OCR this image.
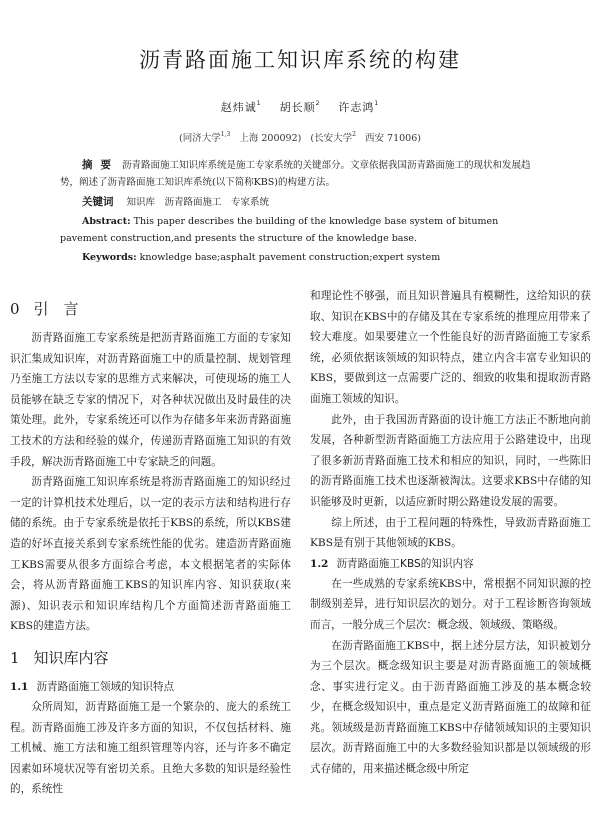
沥青路面施工知识库系统的构建
赵炜诚$^1$ 胡长顺$^2$ 许志鸿$^1$
(同济大学$^{1,3}$ 上海 200092) (长安大学$^2$ 西安 71006)
摘要 沥青路面施工知识库系统是施工专家系统的关键部分。文章依据我国沥青路面施工的现状和发展趋势，阐述了沥青路面施工知识库系统(以下简称KBS)的构建方法。
关键词 知识库　沥青路面施工　专家系统
Abstract: This paper describes the building of the knowledge base system of bitumen pavement construction,and presents the structure of the knowledge base.
Keywords: knowledge base;asphalt pavement construction;expert system
0 引　言

沥青路面施工专家系统是把沥青路面施工方面的专家知识汇集成知识库，对沥青路面施工中的质量控制、规划管理乃至施工方法以专家的思维方式来解决，可使现场的施工人员能够在缺乏专家的情况下，对各种状况做出及时最佳的决策处理。此外，专家系统还可以作为存储多年来沥青路面施工技术的方法和经验的媒介，传递沥青路面施工知识的有效手段，解决沥青路面施工中专家缺乏的问题。

沥青路面施工知识库系统是将沥青路面施工的知识经过一定的计算机技术处理后，以一定的表示方法和结构进行存储的系统。由于专家系统是依托于KBS的系统，所以KBS建造的好坏直接关系到专家系统性能的优劣。建造沥青路面施工KBS需要从很多方面综合考虑，本文根据笔者的实际体会，将从沥青路面施工KBS的知识库内容、知识获取(来源)、知识表示和知识库结构几个方面简述沥青路面施工KBS的建造方法。

1 知识库内容
1.1 沥青路面施工领域的知识特点

众所周知，沥青路面施工是一个繁杂的、庞大的系统工程。沥青路面施工涉及许多方面的知识，不仅包括材料、施工机械、施工方法和施工组织管理等内容，还与许多不确定因素如环境状况等有密切关系。且绝大多数的知识是经验性的，系统性

和理论性不够强，而且知识普遍具有模糊性，这给知识的获取、知识在KBS中的存储及其在专家系统的推理应用带来了较大难度。如果要建立一个性能良好的沥青路面施工专家系统，必须依据该领域的知识特点，建立内含丰富专业知识的KBS，要做到这一点需要广泛的、细致的收集和提取沥青路面施工领域的知识。

此外，由于我国沥青路面的设计施工方法正不断地向前发展，各种新型沥青路面施工方法应用于公路建设中，出现了很多新沥青路面施工技术和相应的知识，同时，一些陈旧的沥青路面施工技术也逐渐被淘汰。这要求KBS中存储的知识能够及时更新，以适应新时期公路建设发展的需要。

综上所述，由于工程问题的特殊性，导致沥青路面施工KBS是有别于其他领域的KBS。

1.2 沥青路面施工KBS的知识内容

在一些成熟的专家系统KBS中，常根据不同知识源的控制级别差异，进行知识层次的划分。对于工程诊断咨询领域而言，一般分成三个层次：概念级、领域级、策略级。

在沥青路面施工KBS中，据上述分层方法，知识被划分为三个层次。概念级知识主要是对沥青路面施工的领域概念、事实进行定义。由于沥青路面施工涉及的基本概念较少，在概念级知识中，重点是定义沥青路面施工的故障和征兆。领域级是沥青路面施工KBS中存储领域知识的主要知识层次。沥青路面施工中的大多数经验知识都是以领域级的形式存储的，用来描述概念级中所定
